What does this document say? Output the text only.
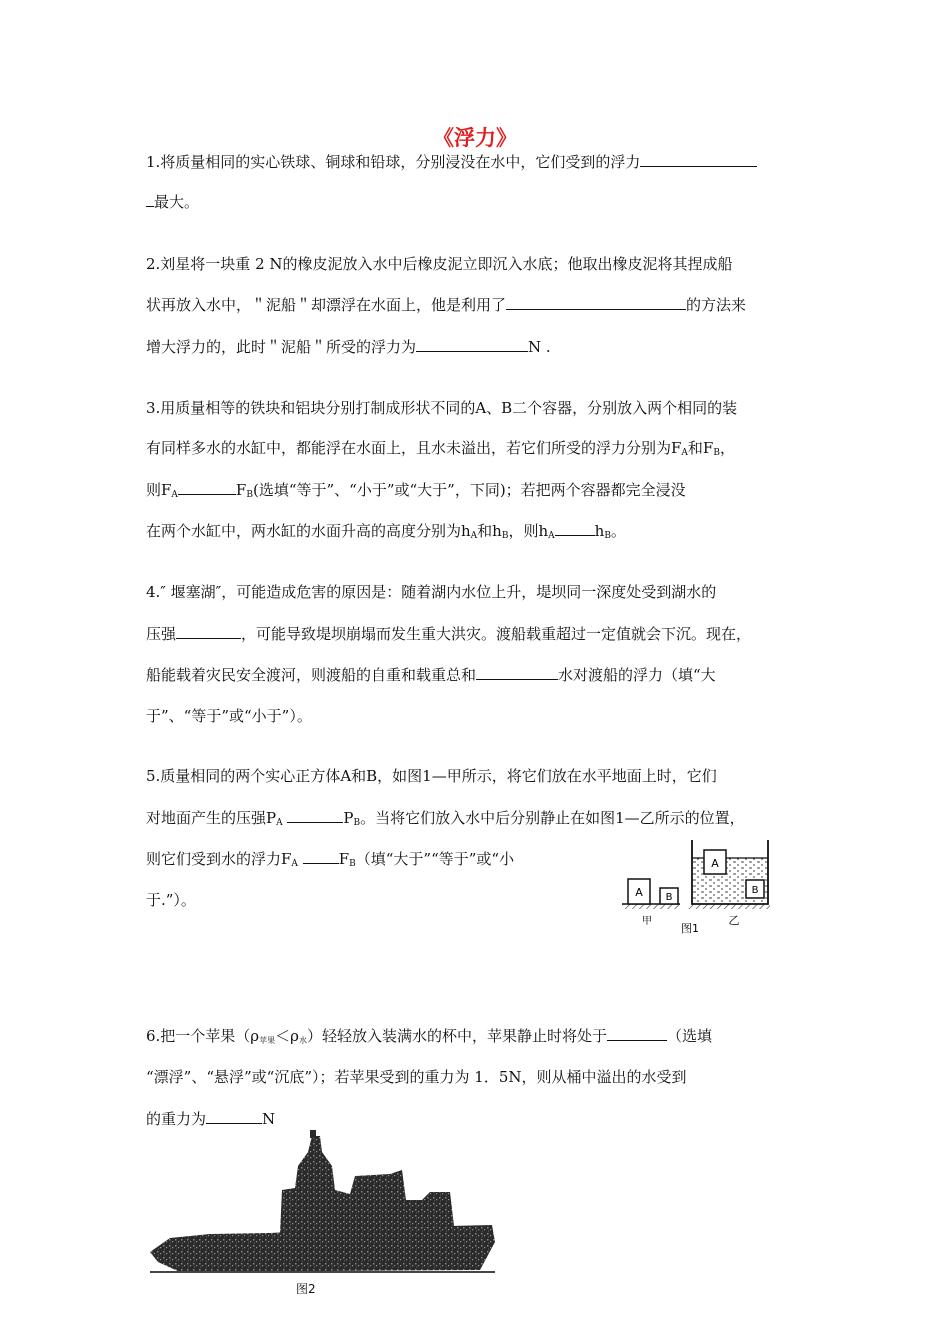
《浮力》
1.将质量相同的实心铁球、铜球和铅球，分别浸没在水中，它们受到的浮力
最大。
2.刘星将一块重 2 N的橡皮泥放入水中后橡皮泥立即沉入水底；他取出橡皮泥将其捏成船
状再放入水中，＂泥船＂却漂浮在水面上，他是利用了	的方法来
增大浮力的，此时＂泥船＂所受的浮力为	N .
3.用质量相等的铁块和铝块分别打制成形状不同的A、B二个容器，分别放入两个相同的装
有同样多水的水缸中，都能浮在水面上，且水未溢出，若它们所受的浮力分别为$F_A$和$F_B$，
则$F_A$	$F_B$(选填“等于”、“小于”或“大于”，下同)；若把两个容器都完全浸没
在两个水缸中，两水缸的水面升高的高度分别为$h_A$和$h_B$，则$h_A$	$h_B$。
4.″ 堰塞湖″，可能造成危害的原因是：随着湖内水位上升，堤坝同一深度处受到湖水的
压强	，可能导致堤坝崩塌而发生重大洪灾。渡船载重超过一定值就会下沉。现在，
船能载着灾民安全渡河，则渡船的自重和载重总和	水对渡船的浮力（填“大
于”、“等于”或“小于”）。
5.质量相同的两个实心正方体A和B，如图1—甲所示，将它们放在水平地面上时，它们
对地面产生的压强$P_A$	$P_B$。当将它们放入水中后分别静止在如图1—乙所示的位置，
则它们受到水的浮力$F_A$	$F_B$（填“大于”“等于”或“小
于.”）。	A B
甲
A
B
乙
图1
6.把一个苹果（ρ苹果＜ρ水）轻轻放入装满水的杯中，苹果静止时将处于	（选填
“漂浮”、“悬浮”或“沉底”）；若苹果受到的重力为 1．5N，则从桶中溢出的水受到
的重力为	N
图2
